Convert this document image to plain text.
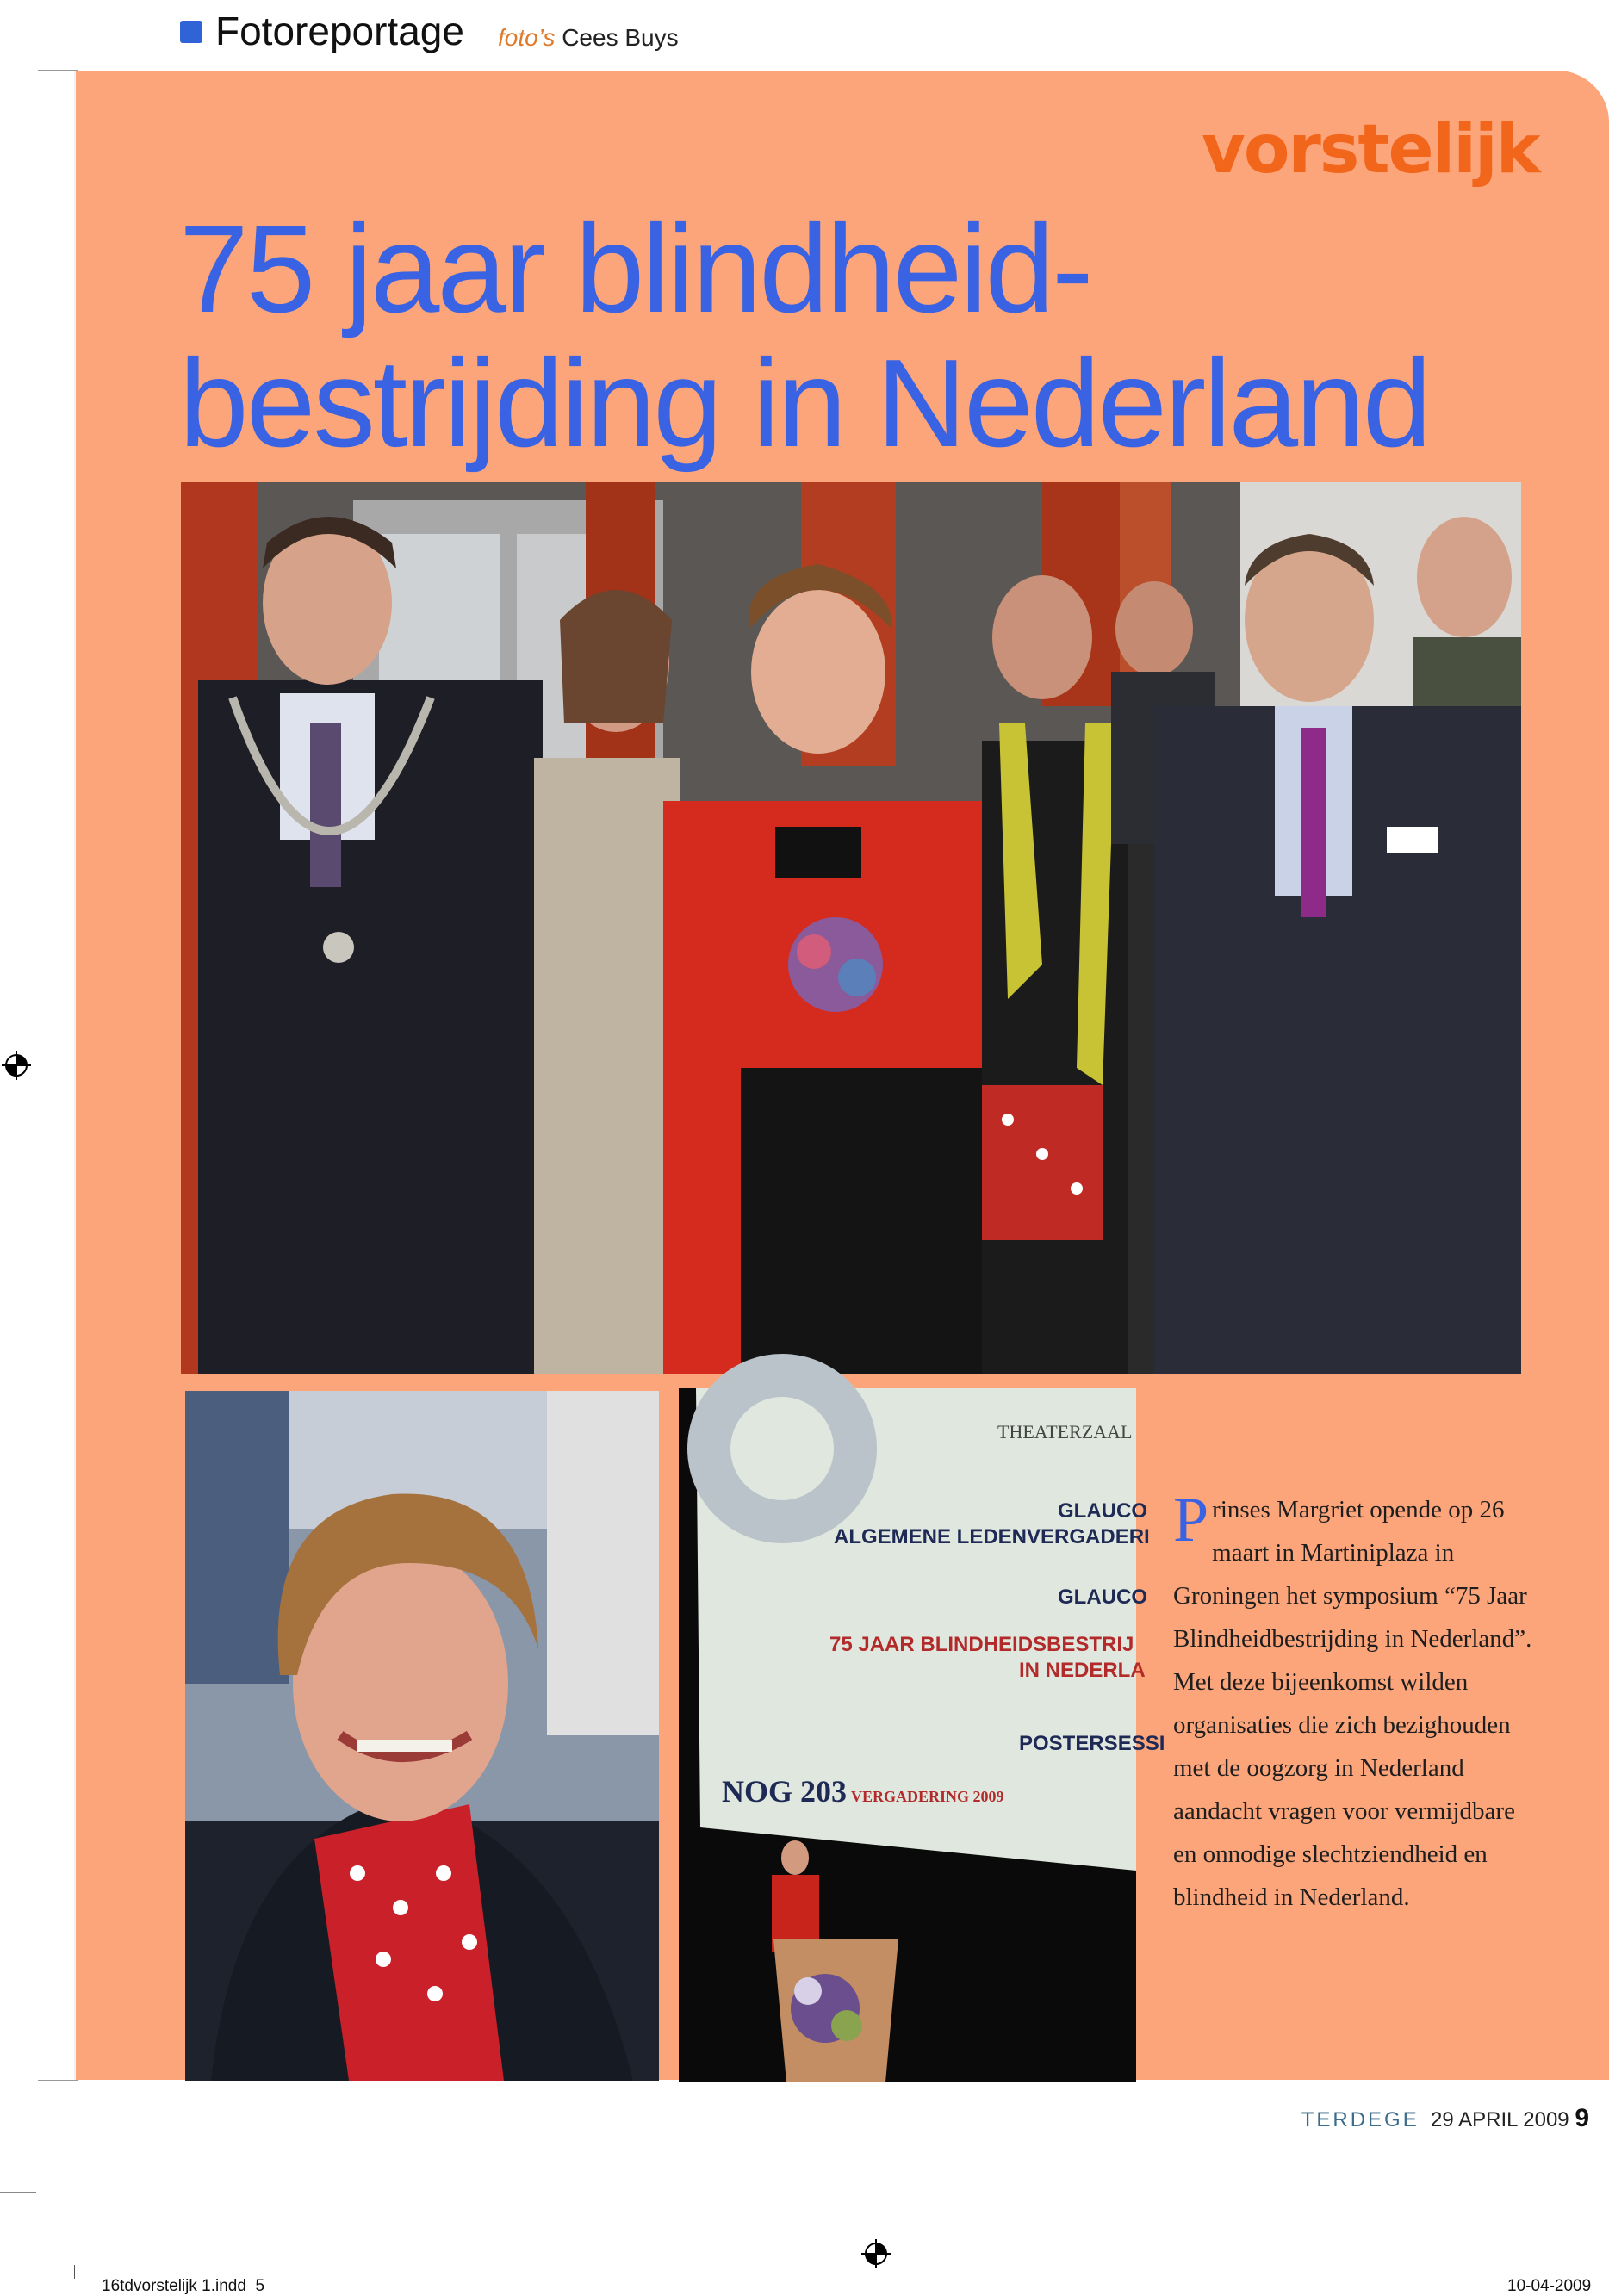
Fotoreportage foto’s Cees Buys
vorstelijk
75 jaar blindheid-
bestrijding in Nederland
THEATERZAAL
GLAUCO
ALGEMENE LEDENVERGADERI
GLAUCO
75 JAAR BLINDHEIDSBESTRIJ
IN NEDERLA
POSTERSESSI
NOG 203 VERGADERING 2009

Prinses Margriet opende op 26 maart in Martiniplaza in Groningen het symposium “75 Jaar Blindheidbestrijding in Nederland”. Met deze bijeenkomst wilden organisaties die zich bezighouden met de oogzorg in Nederland aandacht vragen voor vermijdbare en onnodige slechtziendheid en blindheid in Nederland.

TERDEGE 29 APRIL 2009 9
16tdvorstelijk 1.indd 5	10-04-2009
